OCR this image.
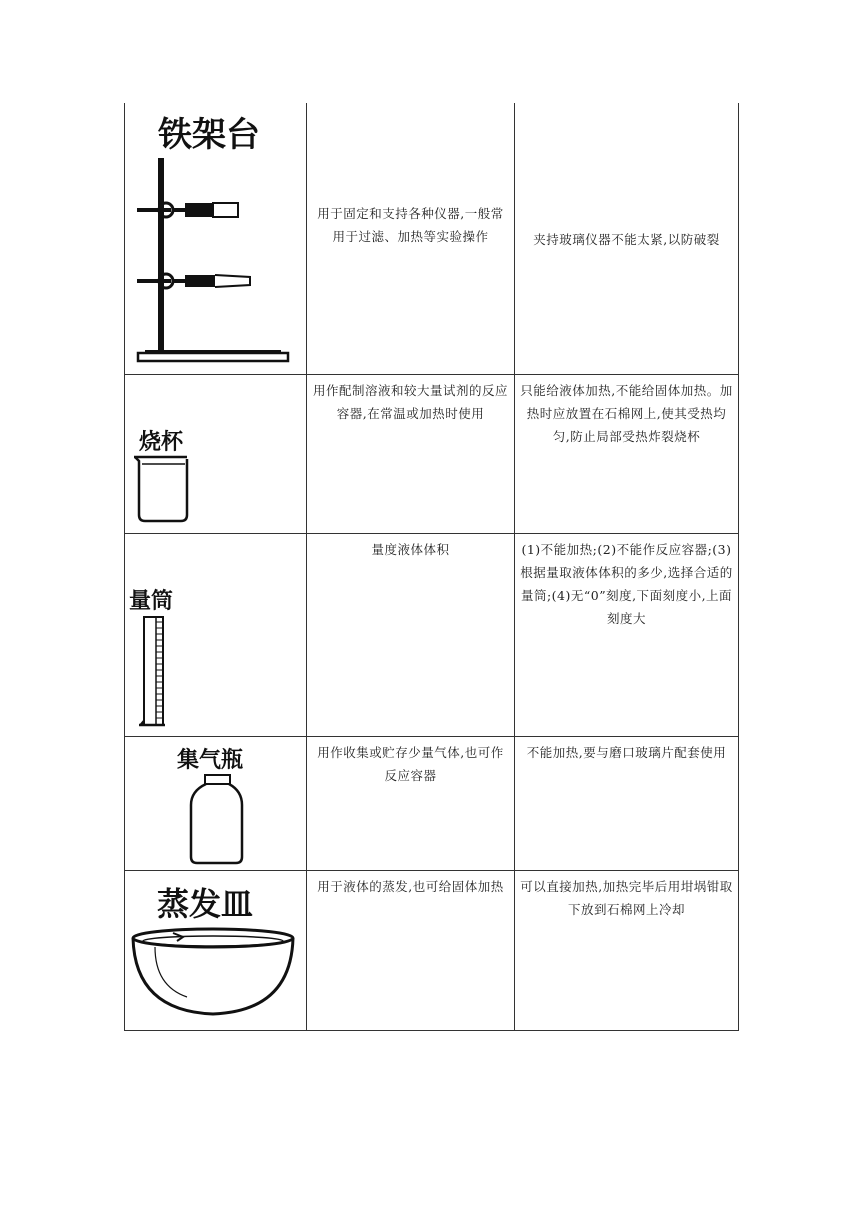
铁架台	用于固定和支持各种仪器,一般常用于过滤、加热等实验操作	夹持玻璃仪器不能太紧,以防破裂

烧杯	用作配制溶液和较大量试剂的反应容器,在常温或加热时使用	只能给液体加热,不能给固体加热。加热时应放置在石棉网上,使其受热均匀,防止局部受热炸裂烧杯

量筒	量度液体体积	(1)不能加热;(2)不能作反应容器;(3)根据量取液体体积的多少,选择合适的量筒;(4)无“0”刻度,下面刻度小,上面刻度大

集气瓶	用作收集或贮存少量气体,也可作反应容器	不能加热,要与磨口玻璃片配套使用

蒸发皿	用于液体的蒸发,也可给固体加热	可以直接加热,加热完毕后用坩埚钳取下放到石棉网上冷却
